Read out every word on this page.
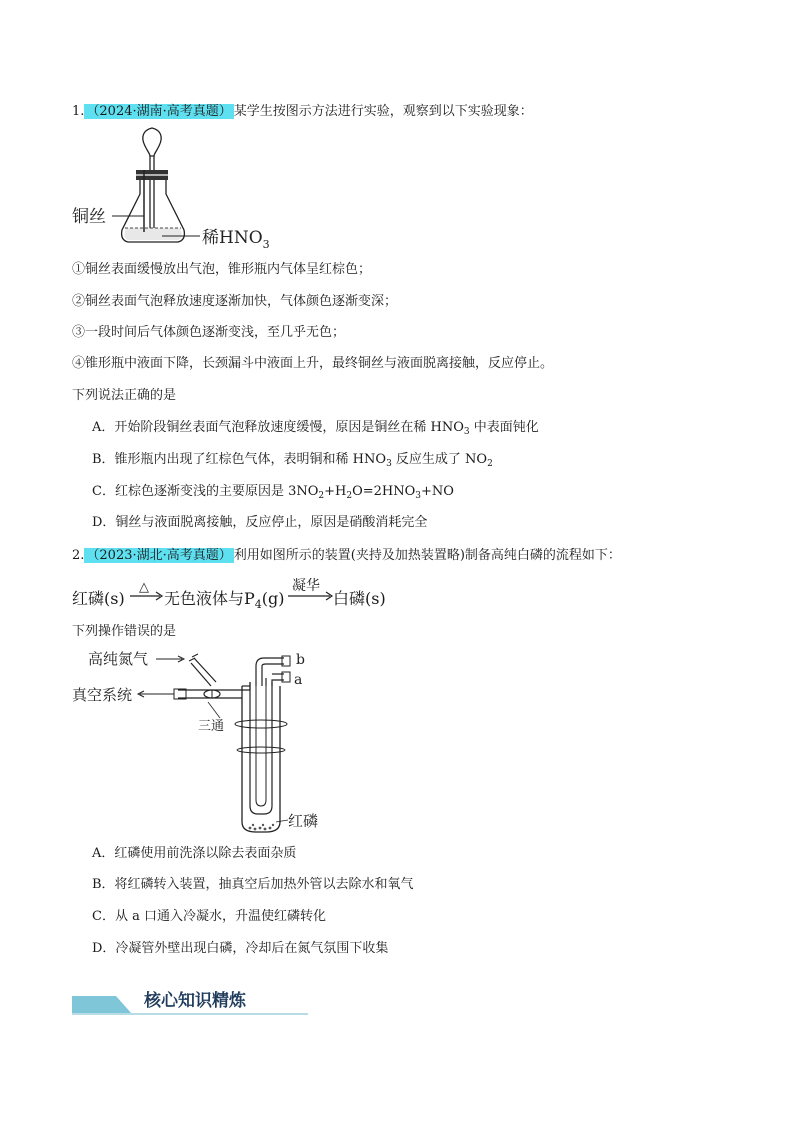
1. （2024·湖南·高考真题） 某学生按图示方法进行实验，观察到以下实验现象：
铜丝
稀$HNO_3$
①铜丝表面缓慢放出气泡，锥形瓶内气体呈红棕色；
②铜丝表面气泡释放速度逐渐加快，气体颜色逐渐变深；
③一段时间后气体颜色逐渐变浅，至几乎无色；
④锥形瓶中液面下降，长颈漏斗中液面上升，最终铜丝与液面脱离接触，反应停止。
下列说法正确的是
A．开始阶段铜丝表面气泡释放速度缓慢，原因是铜丝在稀 $HNO_3$ 中表面钝化
B．锥形瓶内出现了红棕色气体，表明铜和稀 $HNO_3$ 反应生成了 $NO_2$
C．红棕色逐渐变浅的主要原因是 $3NO_2+H_2O=2HNO_3+NO$
D．铜丝与液面脱离接触，反应停止，原因是硝酸消耗完全
2. （2023·湖北·高考真题） 利用如图所示的装置(夹持及加热装置略)制备高纯白磷的流程如下：
红磷(s)
△
无色液体与$P_4(g)$
凝华
白磷(s)
下列操作错误的是
高纯氮气
真空系统
三通
b
a
红磷
A．红磷使用前洗涤以除去表面杂质
B．将红磷转入装置，抽真空后加热外管以去除水和氧气
C．从 a 口通入冷凝水，升温使红磷转化
D．冷凝管外壁出现白磷，冷却后在氮气氛围下收集
核心知识精炼
